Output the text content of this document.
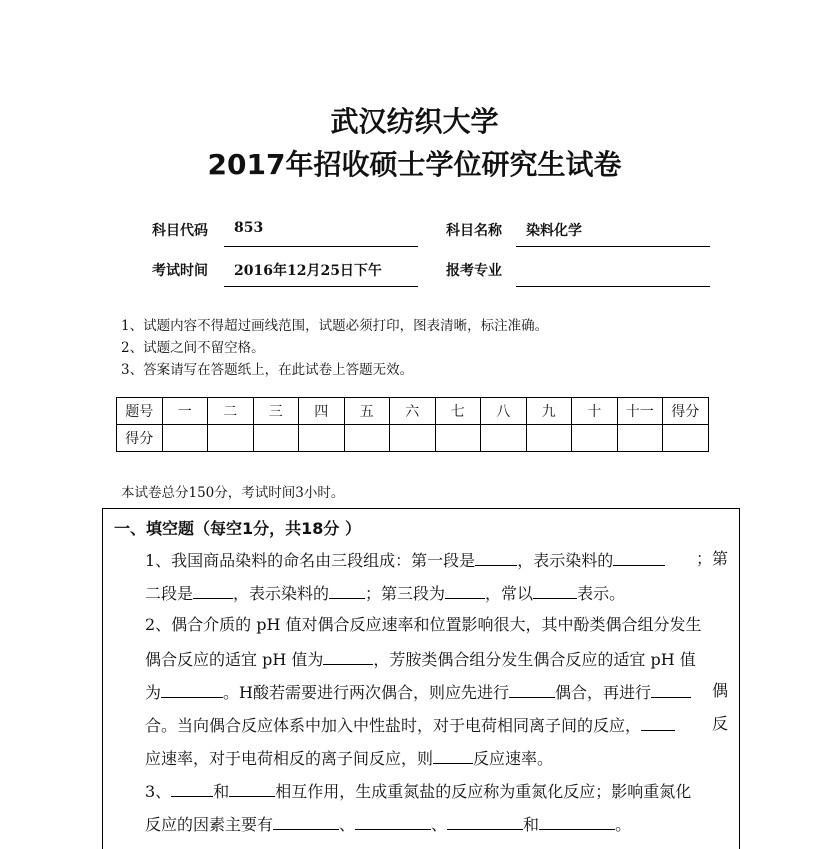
武汉纺织大学
2017年招收硕士学位研究生试卷
科目代码 853	科目名称 染料化学
考试时间 2016年12月25日下午	报考专业
1、试题内容不得超过画线范围，试题必须打印，图表清晰，标注准确。
2、试题之间不留空格。
3、答案请写在答题纸上，在此试卷上答题无效。
题号	一	二	三	四	五	六	七	八	九	十	十一	得分
得分												
本试卷总分150分，考试时间3小时。
一、填空题（每空1分，共18分 ）
1、我国商品染料的命名由三段组成：第一段是	，表示染料的	；第
二段是	，表示染料的 ；第三段为	，常以	表示。
2、偶合介质的 pH 值对偶合反应速率和位置影响很大，其中酚类偶合组分发生
偶合反应的适宜 pH 值为	，芳胺类偶合组分发生偶合反应的适宜 pH 值
为	。H酸若需要进行两次偶合，则应先进行	偶合，再进行	偶
合。当向偶合反应体系中加入中性盐时，对于电荷相同离子间的反应，	反
应速率，对于电荷相反的离子间反应，则	反应速率。
3、	和	相互作用，生成重氮盐的反应称为重氮化反应；影响重氮化
反应的因素主要有	、	、	和	。
